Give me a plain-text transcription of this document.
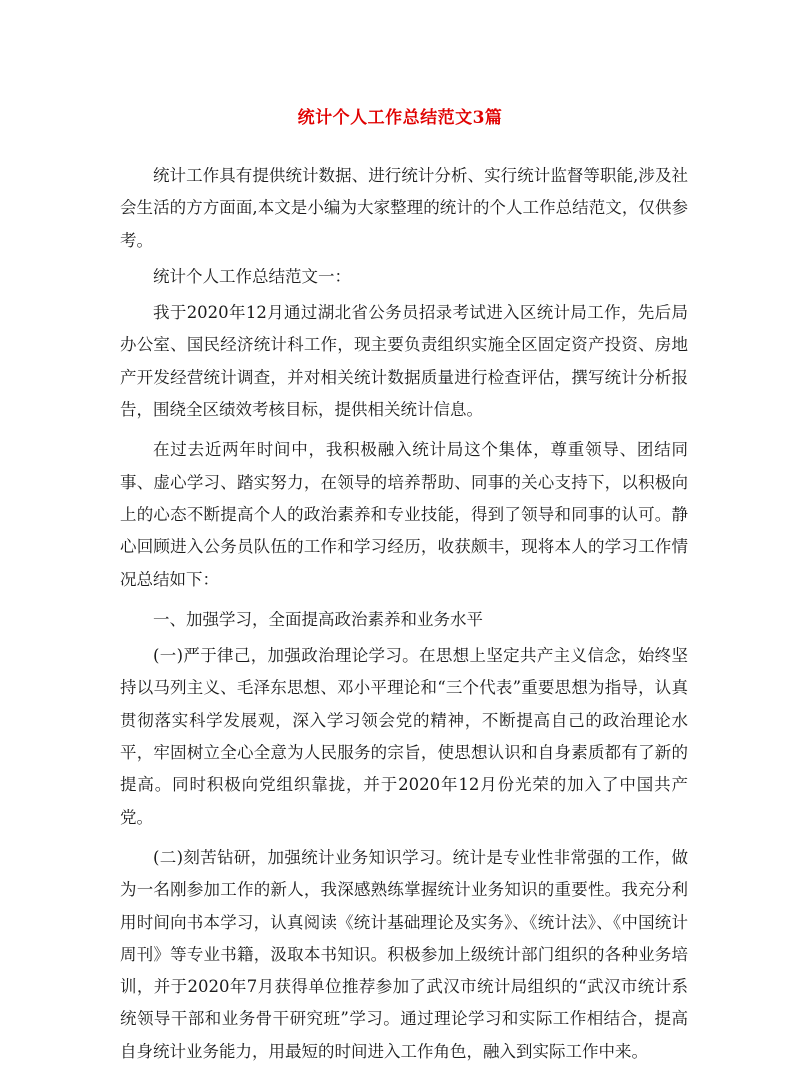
统计个人工作总结范文3篇

统计工作具有提供统计数据、进行统计分析、实行统计监督等职能,涉及社会生活的方方面面,本文是小编为大家整理的统计的个人工作总结范文，仅供参考。

统计个人工作总结范文一：

我于2020年12月通过湖北省公务员招录考试进入区统计局工作，先后局办公室、国民经济统计科工作，现主要负责组织实施全区固定资产投资、房地产开发经营统计调查，并对相关统计数据质量进行检查评估，撰写统计分析报告，围绕全区绩效考核目标，提供相关统计信息。

在过去近两年时间中，我积极融入统计局这个集体，尊重领导、团结同事、虚心学习、踏实努力，在领导的培养帮助、同事的关心支持下，以积极向上的心态不断提高个人的政治素养和专业技能，得到了领导和同事的认可。静心回顾进入公务员队伍的工作和学习经历，收获颇丰，现将本人的学习工作情况总结如下：

一、加强学习，全面提高政治素养和业务水平

(一)严于律己，加强政治理论学习。在思想上坚定共产主义信念，始终坚持以马列主义、毛泽东思想、邓小平理论和“三个代表”重要思想为指导，认真贯彻落实科学发展观，深入学习领会党的精神，不断提高自己的政治理论水平，牢固树立全心全意为人民服务的宗旨，使思想认识和自身素质都有了新的提高。同时积极向党组织靠拢，并于2020年12月份光荣的加入了中国共产党。

(二)刻苦钻研，加强统计业务知识学习。统计是专业性非常强的工作，做为一名刚参加工作的新人，我深感熟练掌握统计业务知识的重要性。我充分利用时间向书本学习，认真阅读《统计基础理论及实务》、《统计法》、《中国统计周刊》等专业书籍，汲取本书知识。积极参加上级统计部门组织的各种业务培训，并于2020年7月获得单位推荐参加了武汉市统计局组织的“武汉市统计系统领导干部和业务骨干研究班”学习。通过理论学习和实际工作相结合，提高自身统计业务能力，用最短的时间进入工作角色，融入到实际工作中来。
